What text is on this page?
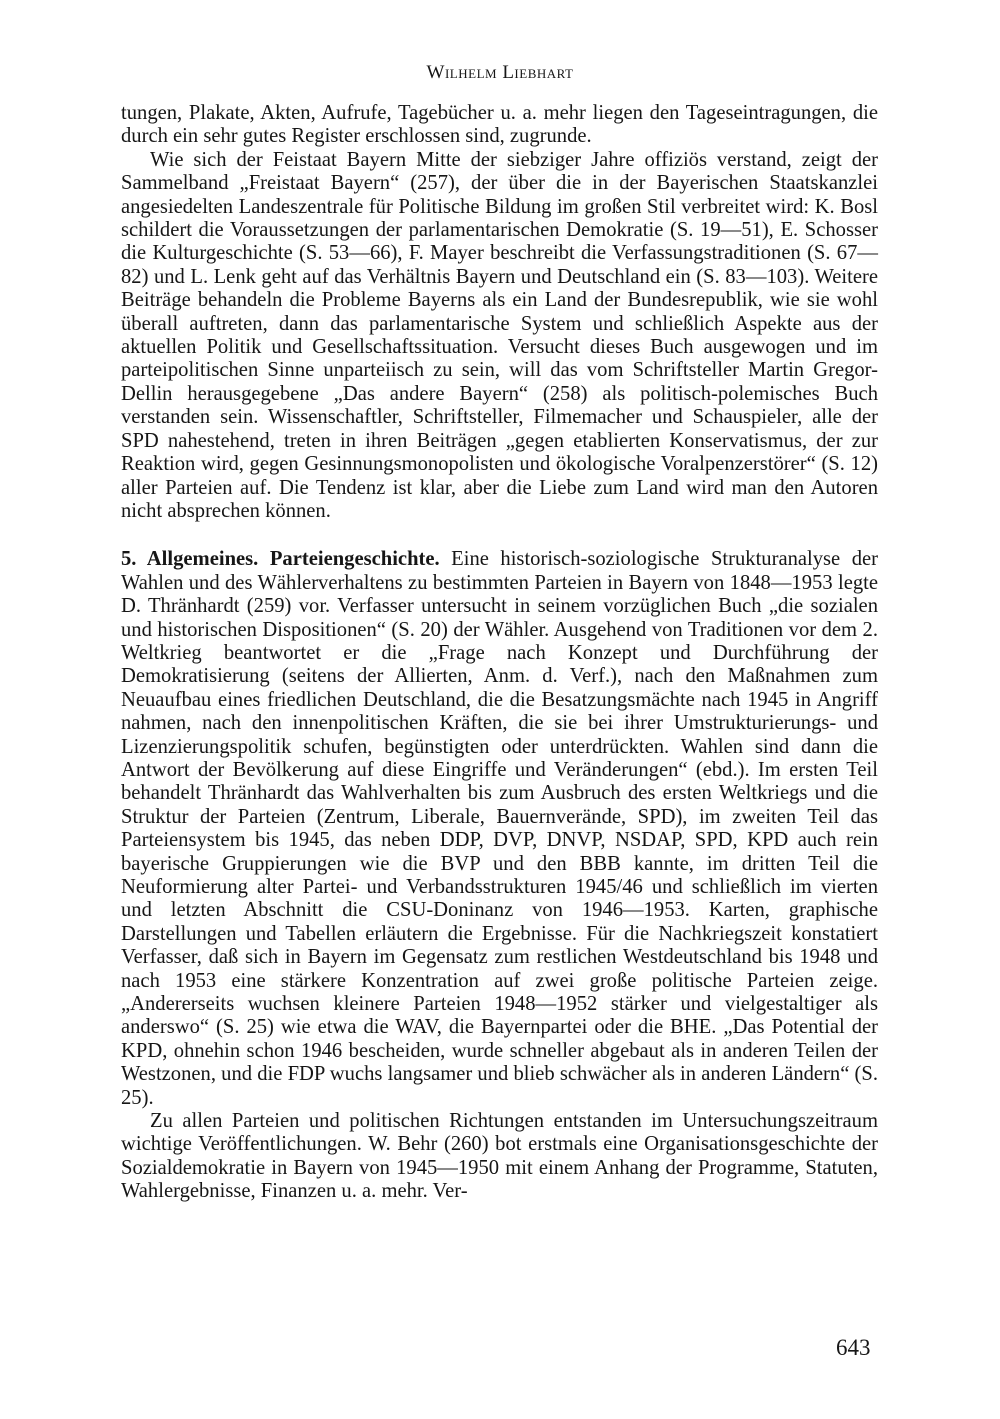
Wilhelm Liebhart

tungen, Plakate, Akten, Aufrufe, Tagebücher u. a. mehr liegen den Tageseintragungen, die durch ein sehr gutes Register erschlossen sind, zugrunde.

Wie sich der Feistaat Bayern Mitte der siebziger Jahre offiziös verstand, zeigt der Sammelband „Freistaat Bayern“ (257), der über die in der Bayerischen Staatskanzlei angesiedelten Landeszentrale für Politische Bildung im großen Stil verbreitet wird: K. Bosl schildert die Voraussetzungen der parlamentarischen Demokratie (S. 19—51), E. Schosser die Kulturgeschichte (S. 53—66), F. Mayer beschreibt die Verfassungstraditionen (S. 67—82) und L. Lenk geht auf das Verhältnis Bayern und Deutschland ein (S. 83—103). Weitere Beiträge behandeln die Probleme Bayerns als ein Land der Bundesrepublik, wie sie wohl überall auftreten, dann das parlamentarische System und schließlich Aspekte aus der aktuellen Politik und Gesellschaftssituation. Versucht dieses Buch ausgewogen und im parteipolitischen Sinne unparteiisch zu sein, will das vom Schriftsteller Martin Gregor-Dellin herausgegebene „Das andere Bayern“ (258) als politisch-polemisches Buch verstanden sein. Wissenschaftler, Schriftsteller, Filmemacher und Schauspieler, alle der SPD nahestehend, treten in ihren Beiträgen „gegen etablierten Konservatismus, der zur Reaktion wird, gegen Gesinnungsmonopolisten und ökologische Voralpenzerstörer“ (S. 12) aller Parteien auf. Die Tendenz ist klar, aber die Liebe zum Land wird man den Autoren nicht absprechen können.

5. Allgemeines. Parteiengeschichte. Eine historisch-soziologische Strukturanalyse der Wahlen und des Wählerverhaltens zu bestimmten Parteien in Bayern von 1848—1953 legte D. Thränhardt (259) vor. Verfasser untersucht in seinem vorzüglichen Buch „die sozialen und historischen Dispositionen“ (S. 20) der Wähler. Ausgehend von Traditionen vor dem 2. Weltkrieg beantwortet er die „Frage nach Konzept und Durchführung der Demokratisierung (seitens der Allierten, Anm. d. Verf.), nach den Maßnahmen zum Neuaufbau eines friedlichen Deutschland, die die Besatzungsmächte nach 1945 in Angriff nahmen, nach den innenpolitischen Kräften, die sie bei ihrer Umstrukturierungs- und Lizenzierungspolitik schufen, begünstigten oder unterdrückten. Wahlen sind dann die Antwort der Bevölkerung auf diese Eingriffe und Veränderungen“ (ebd.). Im ersten Teil behandelt Thränhardt das Wahlverhalten bis zum Ausbruch des ersten Weltkriegs und die Struktur der Parteien (Zentrum, Liberale, Bauernverände, SPD), im zweiten Teil das Parteiensystem bis 1945, das neben DDP, DVP, DNVP, NSDAP, SPD, KPD auch rein bayerische Gruppierungen wie die BVP und den BBB kannte, im dritten Teil die Neuformierung alter Partei- und Verbandsstrukturen 1945/46 und schließlich im vierten und letzten Abschnitt die CSU-Doninanz von 1946—1953. Karten, graphische Darstellungen und Tabellen erläutern die Ergebnisse. Für die Nachkriegszeit konstatiert Verfasser, daß sich in Bayern im Gegensatz zum restlichen Westdeutschland bis 1948 und nach 1953 eine stärkere Konzentration auf zwei große politische Parteien zeige. „Andererseits wuchsen kleinere Parteien 1948—1952 stärker und vielgestaltiger als anderswo“ (S. 25) wie etwa die WAV, die Bayernpartei oder die BHE. „Das Potential der KPD, ohnehin schon 1946 bescheiden, wurde schneller abgebaut als in anderen Teilen der Westzonen, und die FDP wuchs langsamer und blieb schwächer als in anderen Ländern“ (S. 25).

Zu allen Parteien und politischen Richtungen entstanden im Untersuchungszeitraum wichtige Veröffentlichungen. W. Behr (260) bot erstmals eine Organisationsgeschichte der Sozialdemokratie in Bayern von 1945—1950 mit einem Anhang der Programme, Statuten, Wahlergebnisse, Finanzen u. a. mehr. Ver-

643
